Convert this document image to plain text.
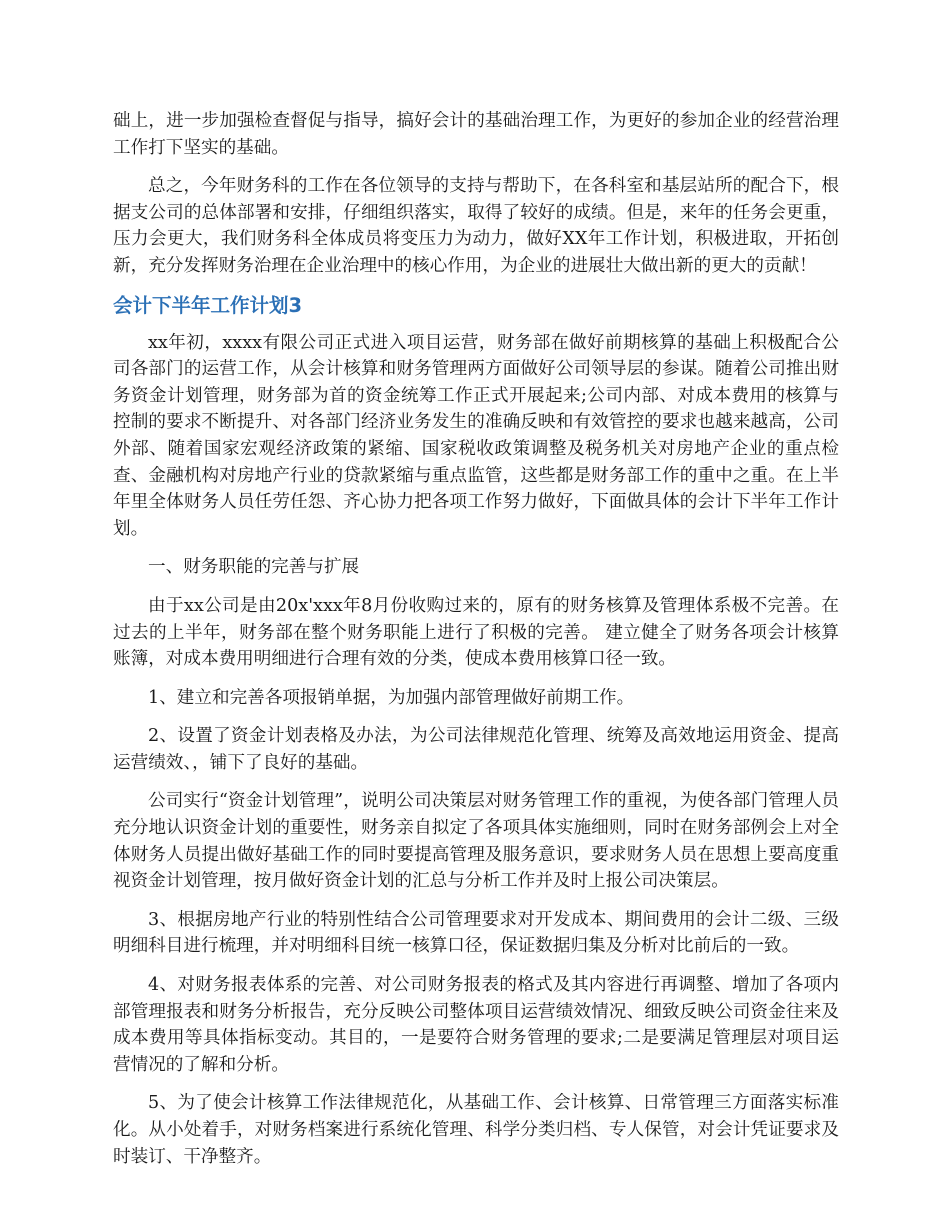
础上，进一步加强检查督促与指导，搞好会计的基础治理工作，为更好的参加企业的经营治理工作打下坚实的基础。

总之，今年财务科的工作在各位领导的支持与帮助下，在各科室和基层站所的配合下，根据支公司的总体部署和安排，仔细组织落实，取得了较好的成绩。但是，来年的任务会更重，压力会更大，我们财务科全体成员将变压力为动力，做好XX年工作计划，积极进取，开拓创新，充分发挥财务治理在企业治理中的核心作用，为企业的进展壮大做出新的更大的贡献！

会计下半年工作计划3

xx年初，xxxx有限公司正式进入项目运营，财务部在做好前期核算的基础上积极配合公司各部门的运营工作，从会计核算和财务管理两方面做好公司领导层的参谋。随着公司推出财务资金计划管理，财务部为首的资金统筹工作正式开展起来;公司内部、对成本费用的核算与控制的要求不断提升、对各部门经济业务发生的准确反映和有效管控的要求也越来越高，公司外部、随着国家宏观经济政策的紧缩、国家税收政策调整及税务机关对房地产企业的重点检查、金融机构对房地产行业的贷款紧缩与重点监管，这些都是财务部工作的重中之重。在上半年里全体财务人员任劳任怨、齐心协力把各项工作努力做好，下面做具体的会计下半年工作计划。

一、财务职能的完善与扩展

由于xx公司是由20x'xxx年8月份收购过来的，原有的财务核算及管理体系极不完善。在过去的上半年，财务部在整个财务职能上进行了积极的完善。 建立健全了财务各项会计核算账簿，对成本费用明细进行合理有效的分类，使成本费用核算口径一致。

1、建立和完善各项报销单据，为加强内部管理做好前期工作。

2、设置了资金计划表格及办法，为公司法律规范化管理、统筹及高效地运用资金、提高运营绩效、，铺下了良好的基础。

公司实行“资金计划管理”，说明公司决策层对财务管理工作的重视，为使各部门管理人员充分地认识资金计划的重要性，财务亲自拟定了各项具体实施细则，同时在财务部例会上对全体财务人员提出做好基础工作的同时要提高管理及服务意识，要求财务人员在思想上要高度重视资金计划管理，按月做好资金计划的汇总与分析工作并及时上报公司决策层。

3、根据房地产行业的特别性结合公司管理要求对开发成本、期间费用的会计二级、三级明细科目进行梳理，并对明细科目统一核算口径，保证数据归集及分析对比前后的一致。

4、对财务报表体系的完善、对公司财务报表的格式及其内容进行再调整、增加了各项内部管理报表和财务分析报告，充分反映公司整体项目运营绩效情况、细致反映公司资金往来及成本费用等具体指标变动。其目的，一是要符合财务管理的要求;二是要满足管理层对项目运营情况的了解和分析。

5、为了使会计核算工作法律规范化，从基础工作、会计核算、日常管理三方面落实标准化。从小处着手，对财务档案进行系统化管理、科学分类归档、专人保管，对会计凭证要求及时装订、干净整齐。
